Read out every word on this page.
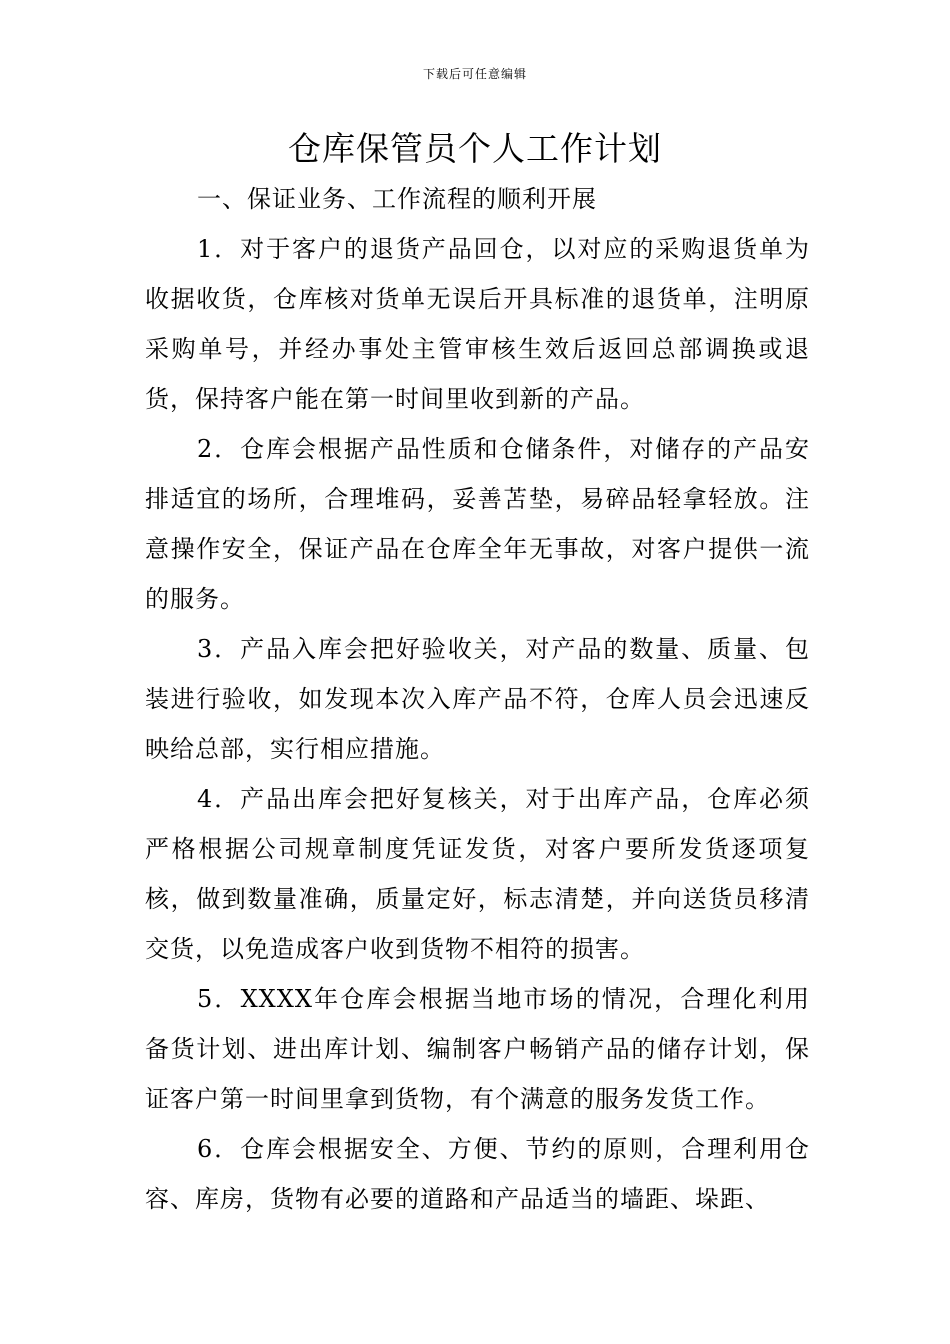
下载后可任意编辑
仓库保管员个人工作计划

一、保证业务、工作流程的顺利开展

1．对于客户的退货产品回仓，以对应的采购退货单为收据收货，仓库核对货单无误后开具标准的退货单，注明原采购单号，并经办事处主管审核生效后返回总部调换或退货，保持客户能在第一时间里收到新的产品。

2．仓库会根据产品性质和仓储条件，对储存的产品安排适宜的场所，合理堆码，妥善苫垫，易碎品轻拿轻放。注意操作安全，保证产品在仓库全年无事故，对客户提供一流的服务。

3．产品入库会把好验收关，对产品的数量、质量、包装进行验收，如发现本次入库产品不符，仓库人员会迅速反映给总部，实行相应措施。

4．产品出库会把好复核关，对于出库产品，仓库必须严格根据公司规章制度凭证发货，对客户要所发货逐项复核，做到数量准确，质量定好，标志清楚，并向送货员移清交货，以免造成客户收到货物不相符的损害。

5．XXXX年仓库会根据当地市场的情况，合理化利用备货计划、进出库计划、编制客户畅销产品的储存计划，保证客户第一时间里拿到货物，有个满意的服务发货工作。

6．仓库会根据安全、方便、节约的原则，合理利用仓容、库房，货物有必要的道路和产品适当的墙距、垛距、
